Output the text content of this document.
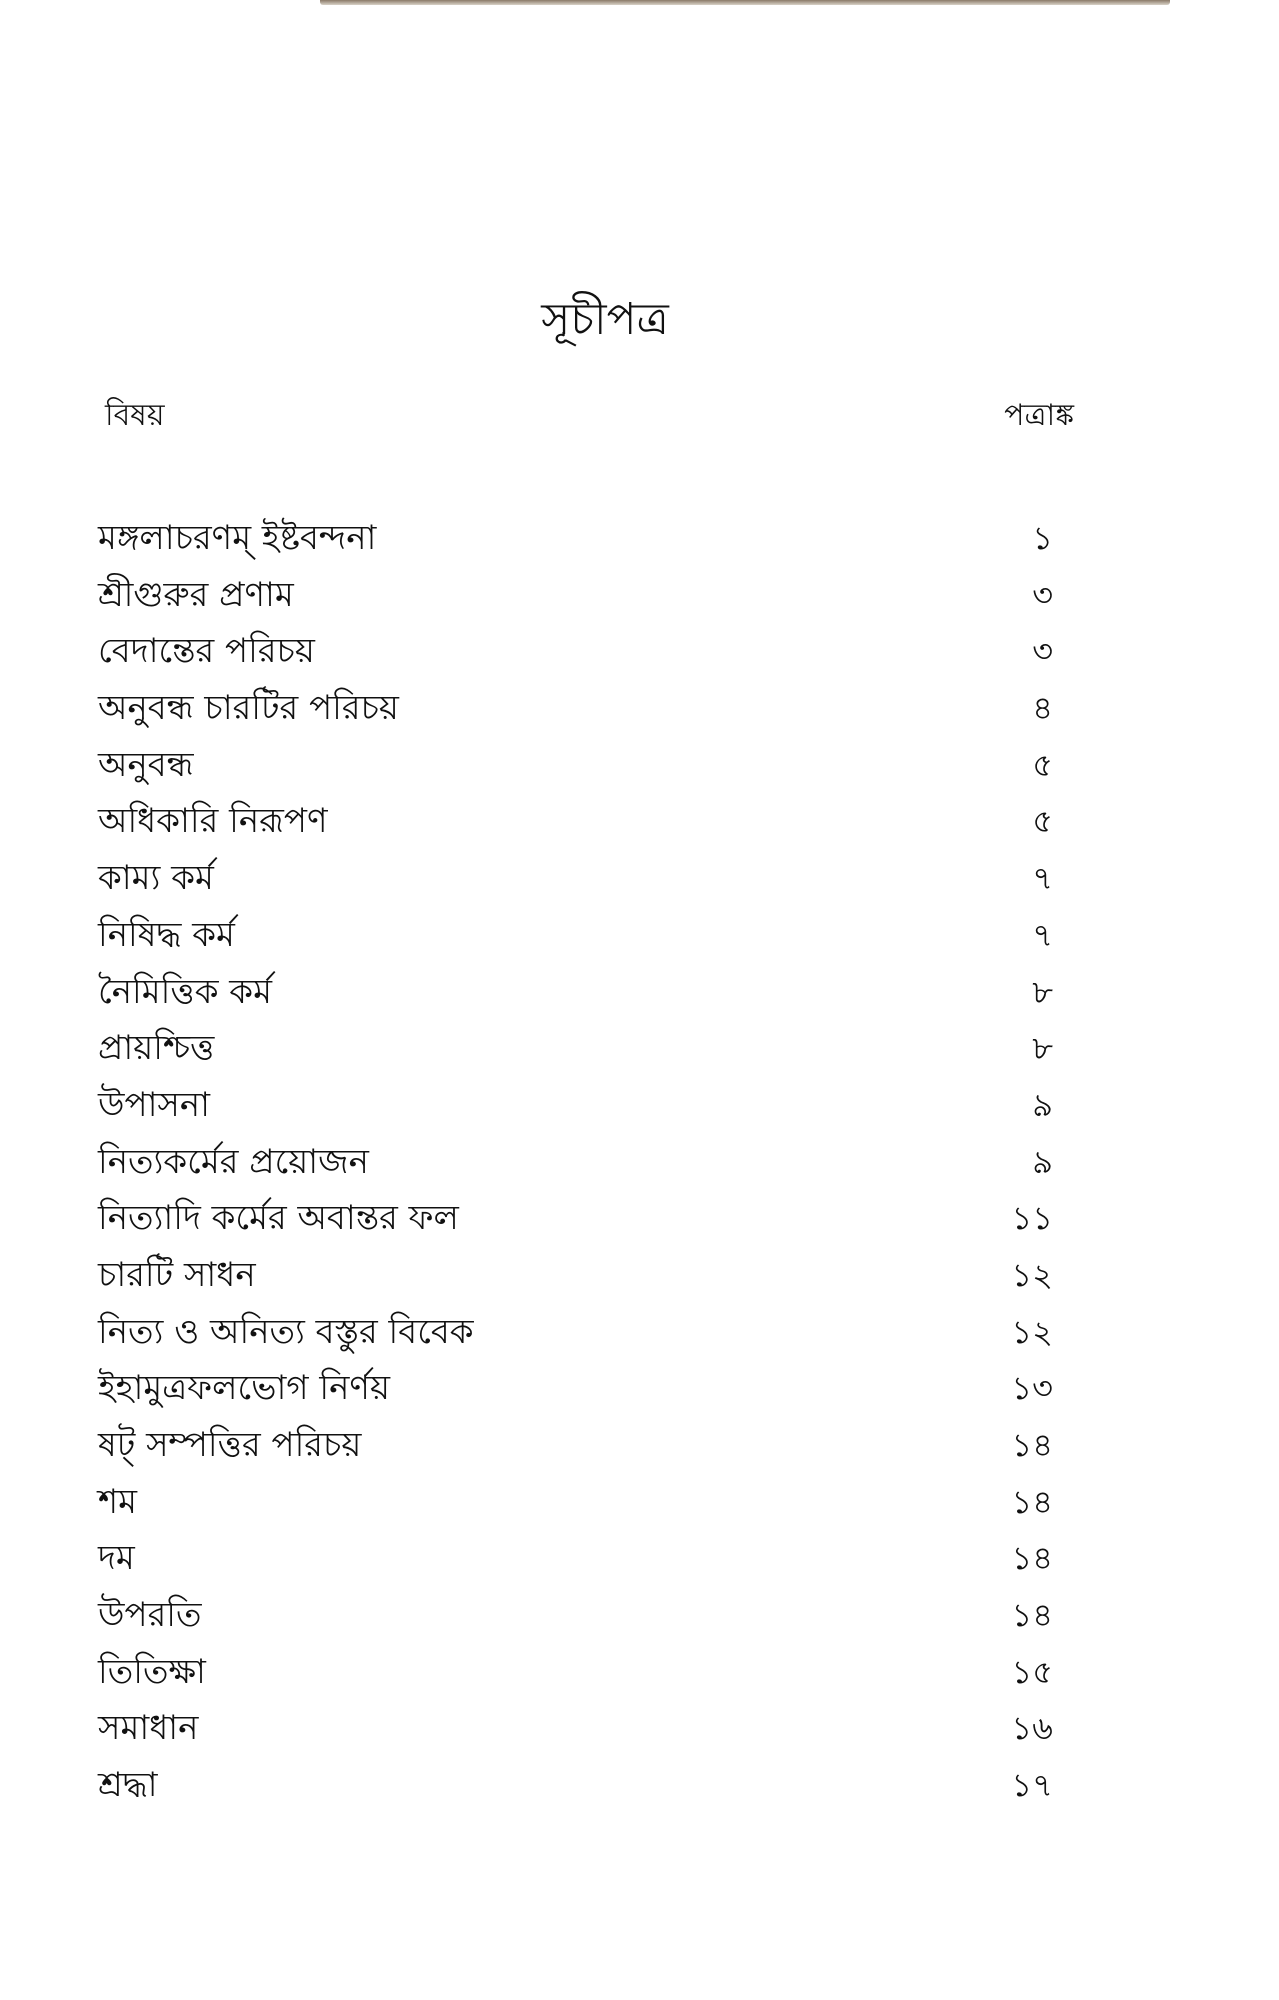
সূচীপত্র
বিষয়	পত্রাঙ্ক
মঙ্গলাচরণম্ ইষ্টবন্দনা	১
শ্রীগুরুর প্রণাম	৩
বেদান্তের পরিচয়	৩
অনুবন্ধ চারটির পরিচয়	৪
অনুবন্ধ	৫
অধিকারি নিরূপণ	৫
কাম্য কর্ম	৭
নিষিদ্ধ কর্ম	৭
নৈমিত্তিক কর্ম	৮
প্রায়শ্চিত্ত	৮
উপাসনা	৯
নিত্যকর্মের প্রয়োজন	৯
নিত্যাদি কর্মের অবান্তর ফল	১১
চারটি সাধন	১২
নিত্য ও অনিত্য বস্তুর বিবেক	১২
ইহামুত্রফলভোগ নির্ণয়	১৩
ষট্ সম্পত্তির পরিচয়	১৪
শম	১৪
দম	১৪
উপরতি	১৪
তিতিক্ষা	১৫
সমাধান	১৬
শ্রদ্ধা	১৭
